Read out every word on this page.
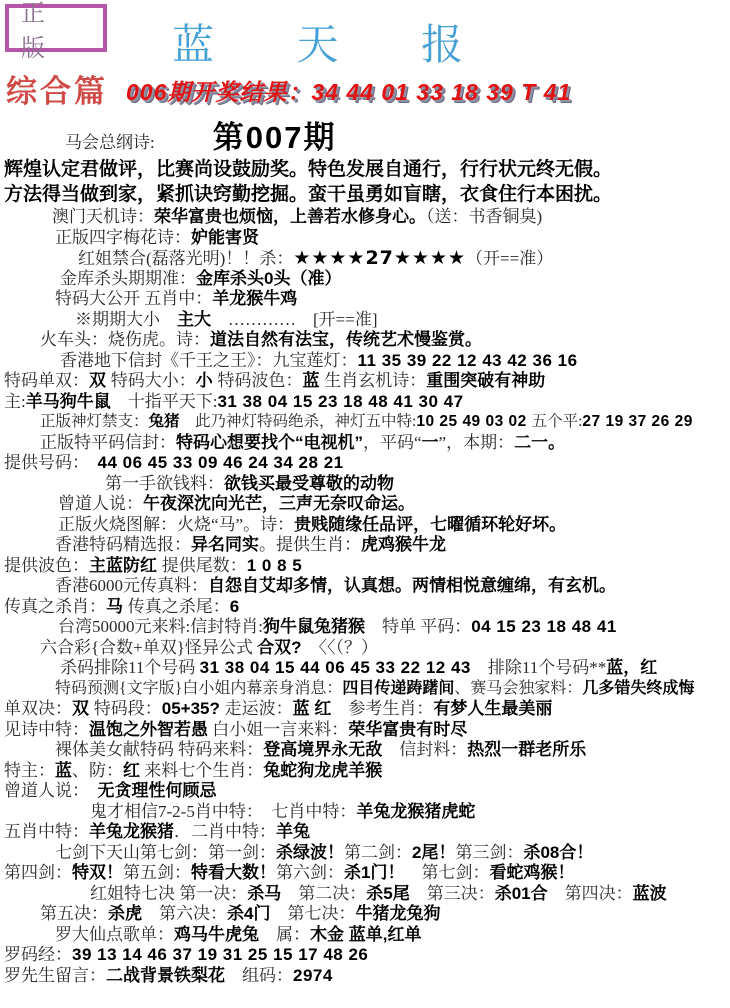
正 版	蓝 天 报
综合篇 006期开奖结果：34 44 01 33 18 39 T 41
马会总纲诗: 第007期
辉煌认定君做评，比赛尚设鼓励奖。特色发展自通行，行行状元终无假。
方法得当做到家，紧抓诀窍勤挖掘。蛮干虽勇如盲瞎，衣食住行本困扰。
澳门天机诗：荣华富贵也烦恼，上善若水修身心。（送：书香铜臭)
正版四字梅花诗：妒能害贤
红姐禁合(磊落光明)！！杀：★★★★27★★★★（开==准）
金库杀头期期准：金库杀头0头（准）
特码大公开 五肖中：羊龙猴牛鸡
※期期大小　主大　…………　[开==准]
火车头：烧伤虎。诗：道法自然有法宝，传统艺术慢鉴赏。
香港地下信封《千王之王》：九宝莲灯：11 35 39 22 12 43 42 36 16
特码单双：双 特码大小：小 特码波色：蓝 生肖玄机诗：重围突破有神助
主:羊马狗牛鼠　十指平天下:31 38 04 15 23 18 48 41 30 47
正版神灯禁支：兔猪　此乃神灯特码绝杀，神灯五中特:10 25 49 03 02 五个平:27 19 37 26 29
正版特平码信封：特码心想要找个“电视机”，平码“一”，本期：二一。
提供号码：　44 06 45 33 09 46 24 34 28 21
第一手欲钱料：欲钱买最受尊敬的动物
曾道人说：午夜深沈向光芒，三声无奈叹命运。
正版火烧图解：火烧“马”。诗：贵贱随缘任品评，七曜循环轮好坏。
香港特码精选报：异名同实。提供生肖：虎鸡猴牛龙
提供波色：主蓝防红 提供尾数：1 0 8 5
香港6000元传真料：自怨自艾却多情，认真想。两情相悦意缠绵，有玄机。
传真之杀肖：马 传真之杀尾：6
台湾50000元来料:信封特肖:狗牛鼠兔猪猴　特单 平码：04 15 23 18 48 41
六合彩{合数+单双}怪异公式 合双?　〈〈（？）
杀码排除11个号码 31 38 04 15 44 06 45 33 22 12 43　排除11个号码**蓝，红
特码预测{文字版}白小姐内幕亲身消息：四目传递踌躇间、赛马会独家料：几多错失终成悔
单双决：双 特码段：05+35? 走运波：蓝 红　参考生肖：有梦人生最美丽
见诗中特：温饱之外智若愚 白小姐一言来料：荣华富贵有时尽
裸体美女献特码 特码来料：登高境界永无敌　信封料：热烈一群老所乐
特主：蓝、防：红 来料七个生肖：兔蛇狗龙虎羊猴
曾道人说：　无贪理性何顾忌
鬼才相信7-2-5肖中特：　七肖中特：羊兔龙猴猪虎蛇
五肖中特：羊兔龙猴猪．二肖中特：羊兔
七剑下天山第七剑：第一剑：杀绿波！第二剑：2尾！第三剑：杀08合！
第四剑：特双！第五剑：特看大数！第六剑：杀1门！　第七剑：看蛇鸡猴！
红姐特七决 第一决：杀马　第二决：杀5尾　第三决：杀01合　第四决：蓝波
第五决：杀虎　第六决：杀4门　第七决：牛猪龙兔狗
罗大仙点歌单：鸡马牛虎兔　属：木金 蓝单,红单
罗码经：39 13 14 46 37 19 31 25 15 17 48 26
罗先生留言：二战背景铁梨花　组码：2974
